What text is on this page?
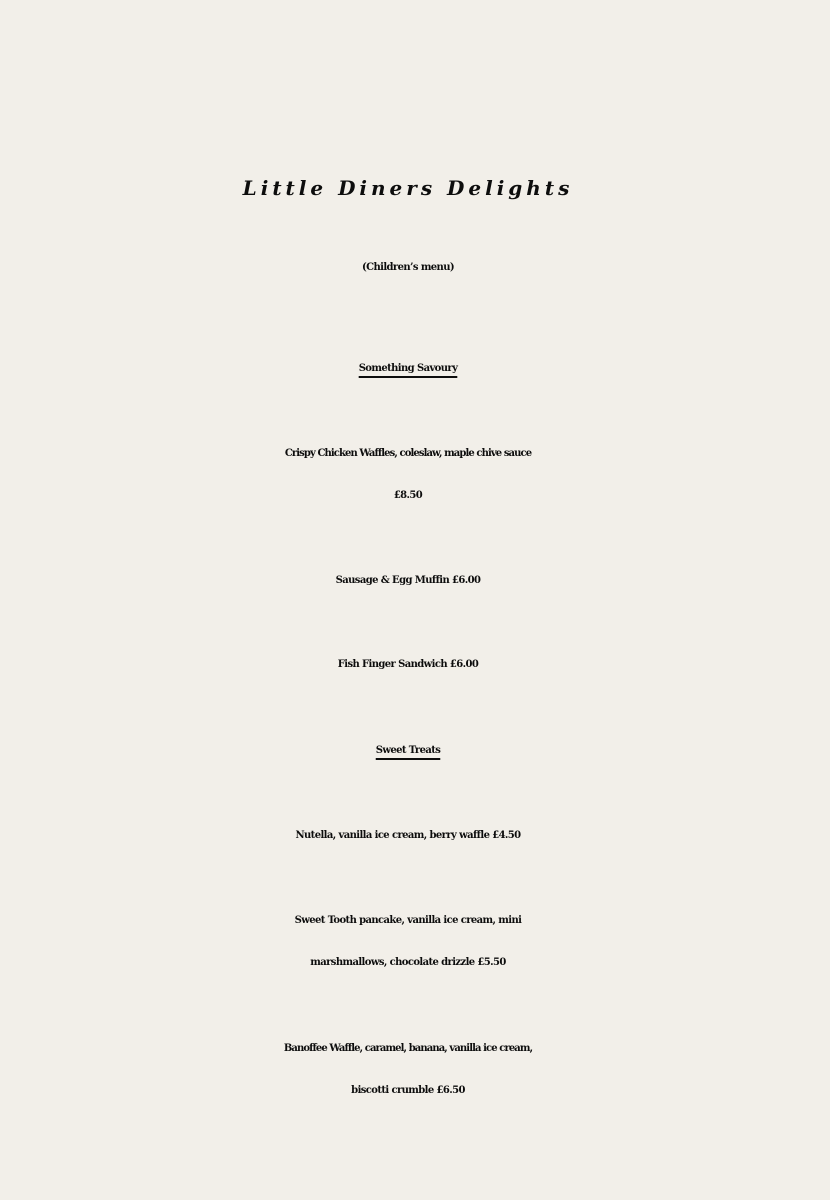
Little Diners Delights
(Children’s menu)
Something Savoury
Crispy Chicken Waffles, coleslaw, maple chive sauce
£8.50
Sausage & Egg Muffin £6.00
Fish Finger Sandwich £6.00
Sweet Treats
Nutella, vanilla ice cream, berry waffle £4.50
Sweet Tooth pancake, vanilla ice cream, mini
marshmallows, chocolate drizzle £5.50
Banoffee Waffle, caramel, banana, vanilla ice cream,
biscotti crumble £6.50
